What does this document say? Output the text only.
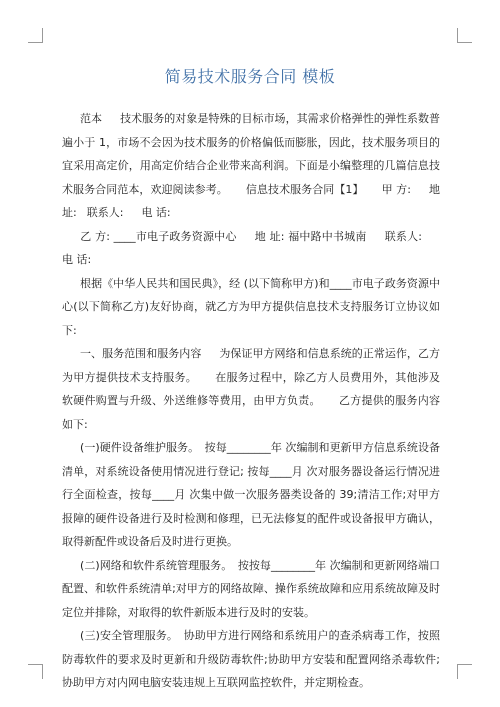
简易技术服务合同 模板

范本 技术服务的对象是特殊的目标市场，其需求价格弹性的弹性系数普遍小于 1，市场不会因为技术服务的价格偏低而膨胀，因此，技术服务项目的宜采用高定价，用高定价结合企业带来高利润。下面是小编整理的几篇信息技术服务合同范本，欢迎阅读参考。 信息技术服务合同【1】 甲 方: 地 址: 联系人: 电 话:

乙 方: ____市电子政务资源中心 地 址: 福中路中书城南 联系人:电 话:

根据《中华人民共和国民典》，经 (以下简称甲方)和____市电子政务资源中心(以下简称乙方)友好协商，就乙方为甲方提供信息技术支持服务订立协议如下:

一、服务范围和服务内容 为保证甲方网络和信息系统的正常运作，乙方为甲方提供技术支持服务。 在服务过程中，除乙方人员费用外，其他涉及软硬件购置与升级、外送维修等费用，由甲方负责。 乙方提供的服务内容如下:

(一)硬件设备维护服务。　按每________年 次编制和更新甲方信息系统设备清单，对系统设备使用情况进行登记; 按每____月 次对服务器设备运行情况进行全面检查，按每____月 次集中做一次服务器类设备的 39;清洁工作;对甲方报障的硬件设备进行及时检测和修理，已无法修复的配件或设备报甲方确认，取得新配件或设备后及时进行更换。

(二)网络和软件系统管理服务。　按按每________年 次编制和更新网络端口配置、和软件系统清单;对甲方的网络故障、操作系统故障和应用系统故障及时定位并排除，对取得的软件新版本进行及时的安装。

(三)安全管理服务。　协助甲方进行网络和系统用户的查杀病毒工作，按照防毒软件的要求及时更新和升级防毒软件;协助甲方安装和配置网络杀毒软件;协助甲方对内网电脑安装违规上互联网监控软件，并定期检查。
